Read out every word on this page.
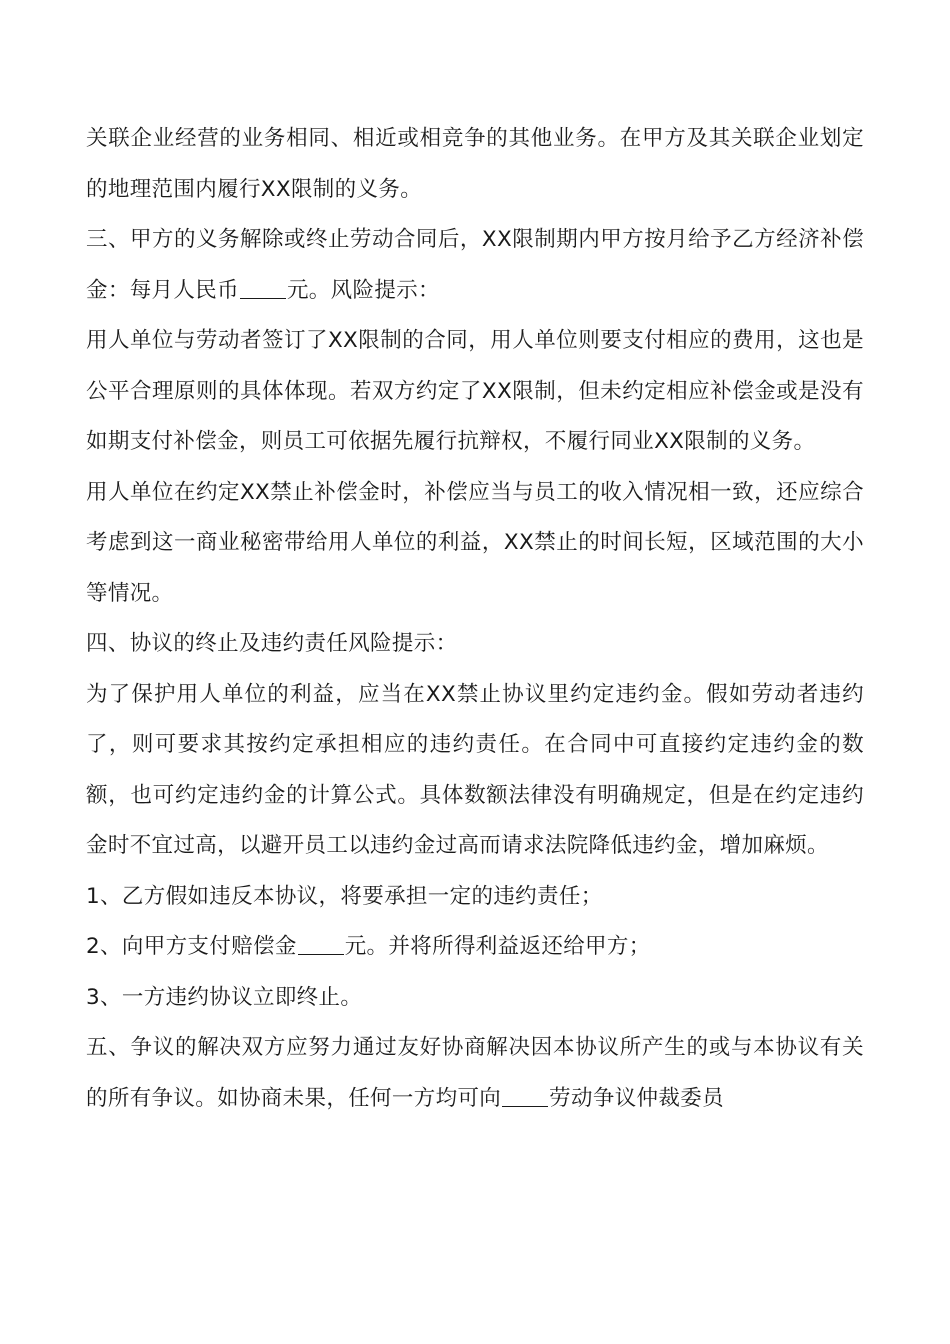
关联企业经营的业务相同、相近或相竞争的其他业务。在甲方及其关联企业划定的地理范围内履行XX限制的义务。

三、甲方的义务解除或终止劳动合同后，XX限制期内甲方按月给予乙方经济补偿金：每月人民币 元。风险提示：

用人单位与劳动者签订了XX限制的合同，用人单位则要支付相应的费用，这也是公平合理原则的具体体现。若双方约定了XX限制，但未约定相应补偿金或是没有如期支付补偿金，则员工可依据先履行抗辩权，不履行同业XX限制的义务。

用人单位在约定XX禁止补偿金时，补偿应当与员工的收入情况相一致，还应综合考虑到这一商业秘密带给用人单位的利益，XX禁止的时间长短，区域范围的大小等情况。

四、协议的终止及违约责任风险提示：

为了保护用人单位的利益，应当在XX禁止协议里约定违约金。假如劳动者违约了，则可要求其按约定承担相应的违约责任。在合同中可直接约定违约金的数额，也可约定违约金的计算公式。具体数额法律没有明确规定，但是在约定违约金时不宜过高，以避开员工以违约金过高而请求法院降低违约金，增加麻烦。

1、乙方假如违反本协议，将要承担一定的违约责任；

2、向甲方支付赔偿金 元。并将所得利益返还给甲方；

3、一方违约协议立即终止。

五、争议的解决双方应努力通过友好协商解决因本协议所产生的或与本协议有关的所有争议。如协商未果，任何一方均可向 劳动争议仲裁委员
